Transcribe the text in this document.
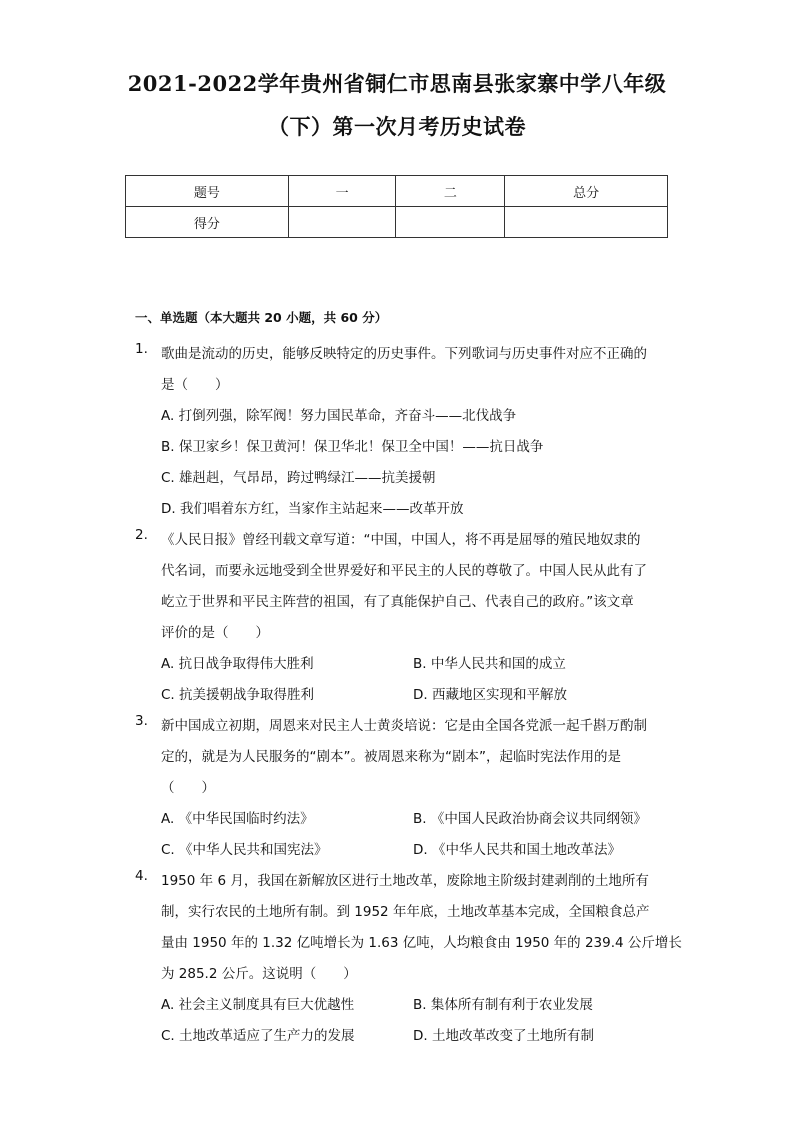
2021-2022学年贵州省铜仁市思南县张家寨中学八年级
（下）第一次月考历史试卷
题号	一	二	总分
得分			
一、单选题（本大题共 20 小题，共 60 分）
1. 歌曲是流动的历史，能够反映特定的历史事件。下列歌词与历史事件对应不正确的
是（　　）
A. 打倒列强，除军阀！努力国民革命，齐奋斗——北伐战争
B. 保卫家乡！保卫黄河！保卫华北！保卫全中国！——抗日战争
C. 雄赳赳，气昂昂，跨过鸭绿江——抗美援朝
D. 我们唱着东方红，当家作主站起来——改革开放
2. 《人民日报》曾经刊载文章写道：“中国，中国人，将不再是屈辱的殖民地奴隶的
代名词，而要永远地受到全世界爱好和平民主的人民的尊敬了。中国人民从此有了
屹立于世界和平民主阵营的祖国，有了真能保护自己、代表自己的政府。”该文章
评价的是（　　）
A. 抗日战争取得伟大胜利	B. 中华人民共和国的成立
C. 抗美援朝战争取得胜利	D. 西藏地区实现和平解放
3. 新中国成立初期，周恩来对民主人士黄炎培说：它是由全国各党派一起千斟万酌制
定的，就是为人民服务的“剧本”。被周恩来称为“剧本”，起临时宪法作用的是
（　　）
A. 《中华民国临时约法》	B. 《中国人民政治协商会议共同纲领》
C. 《中华人民共和国宪法》	D. 《中华人民共和国土地改革法》
4. 1950 年 6 月，我国在新解放区进行土地改革，废除地主阶级封建剥削的土地所有
制，实行农民的土地所有制。到 1952 年年底，土地改革基本完成，全国粮食总产
量由 1950 年的 1.32 亿吨增长为 1.63 亿吨，人均粮食由 1950 年的 239.4 公斤增长
为 285.2 公斤。这说明（　　）
A. 社会主义制度具有巨大优越性	B. 集体所有制有利于农业发展
C. 土地改革适应了生产力的发展	D. 土地改革改变了土地所有制
